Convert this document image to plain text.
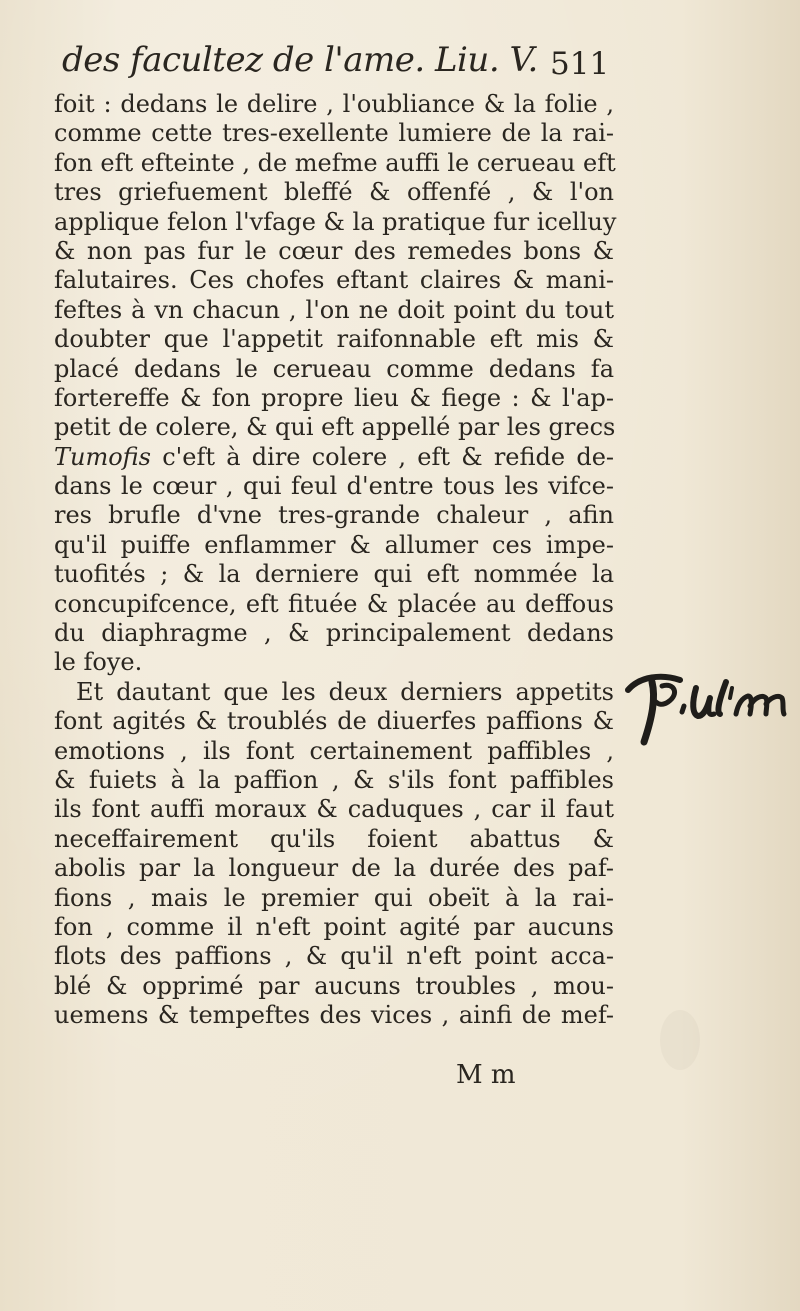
des facultez de l'ame. Liu. V. 511
foit : dedans le delire , l'oubliance & la folie ,
comme cette tres-exellente lumiere de la rai-
fon eft efteinte , de mefme auffi le cerueau eft
tres griefuement bleffé & offenfé , & l'on
applique felon l'vfage & la pratique fur icelluy
& non pas fur le cœur des remedes bons &
falutaires. Ces chofes eftant claires & mani-
feftes à vn chacun , l'on ne doit point du tout
doubter que l'appetit raifonnable eft mis &
placé dedans le cerueau comme dedans fa
fortereffe & fon propre lieu & fiege : & l'ap-
petit de colere, & qui eft appellé par les grecs
Tumofis c'eft à dire colere , eft & refide de-
dans le cœur , qui feul d'entre tous les vifce-
res brufle d'vne tres-grande chaleur , afin
qu'il puiffe enflammer & allumer ces impe-
tuofités ; & la derniere qui eft nommée la
concupifcence, eft fituée & placée au deffous
du diaphragme , & principalement dedans
le foye.
Et dautant que les deux derniers appetits
font agités & troublés de diuerfes paffions &
emotions , ils font certainement paffibles ,
& fuiets à la paffion , & s'ils font paffibles
ils font auffi moraux & caduques , car il faut
neceffairement qu'ils foient abattus &
abolis par la longueur de la durée des paf-
fions , mais le premier qui obeït à la rai-
fon , comme il n'eft point agité par aucuns
flots des paffions , & qu'il n'eft point acca-
blé & opprimé par aucuns troubles , mou-
uemens & tempeftes des vices , ainfi de mef-
M m
